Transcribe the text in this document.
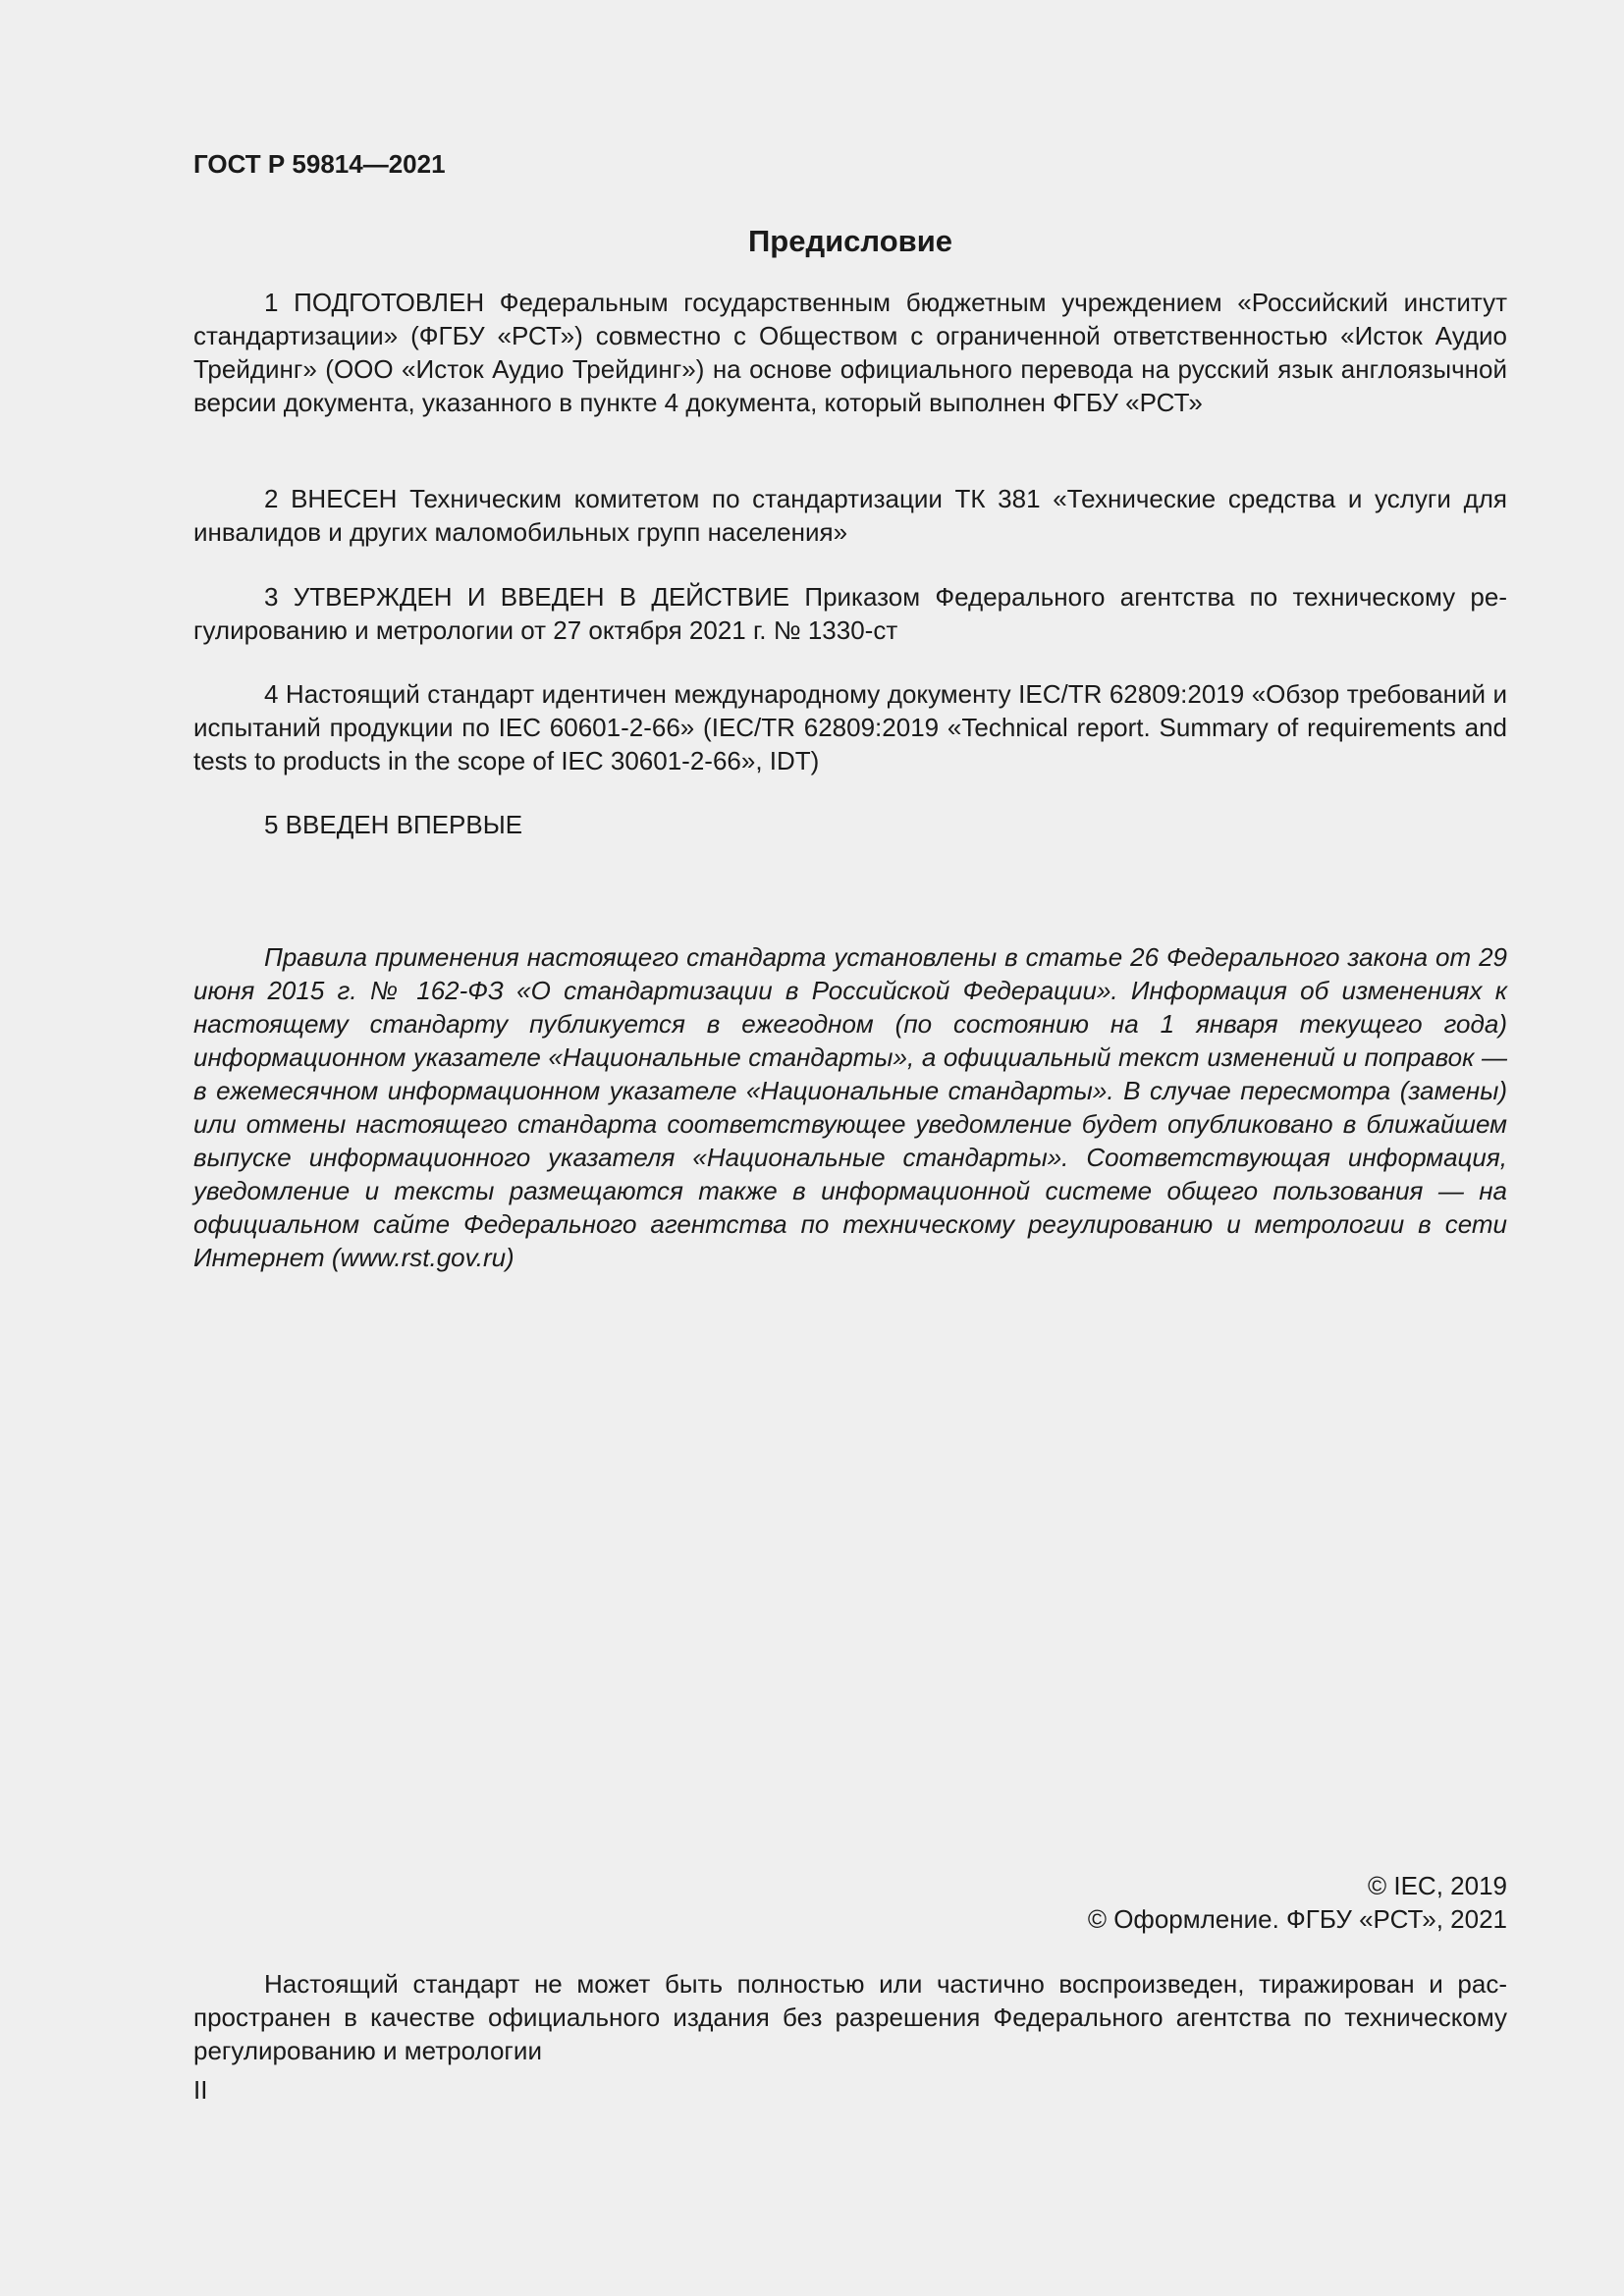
ГОСТ Р 59814—2021

Предисловие

1 ПОДГОТОВЛЕН Федеральным государственным бюджетным учреждением «Российский институт стандартизации» (ФГБУ «РСТ») совместно с Обществом с ограниченной ответственностью «Исток Аудио Трейдинг» (ООО «Исток Аудио Трейдинг») на основе официального перевода на русский язык англоязычной версии документа, указанного в пункте 4 документа, который выполнен ФГБУ «РСТ»

2 ВНЕСЕН Техническим комитетом по стандартизации ТК 381 «Технические средства и услуги для инвалидов и других маломобильных групп населения»

3 УТВЕРЖДЕН И ВВЕДЕН В ДЕЙСТВИЕ Приказом Федерального агентства по техническому регулированию и метрологии от 27 октября 2021 г. № 1330-ст

4 Настоящий стандарт идентичен международному документу IEC/TR 62809:2019 «Обзор требований и испытаний продукции по IEC 60601-2-66» (IEC/TR 62809:2019 «Technical report. Summary of requirements and tests to products in the scope of IEC 30601-2-66», IDT)

5 ВВЕДЕН ВПЕРВЫЕ

Правила применения настоящего стандарта установлены в статье 26 Федерального закона от 29 июня 2015 г. № 162-ФЗ «О стандартизации в Российской Федерации». Информация об изменениях к настоящему стандарту публикуется в ежегодном (по состоянию на 1 января текущего года) информационном указателе «Национальные стандарты», а официальный текст изменений и поправок — в ежемесячном информационном указателе «Национальные стандарты». В случае пересмотра (замены) или отмены настоящего стандарта соответствующее уведомление будет опубликовано в ближайшем выпуске информационного указателя «Национальные стандарты». Соответствующая информация, уведомление и тексты размещаются также в информационной системе общего пользования — на официальном сайте Федерального агентства по техническому регулированию и метрологии в сети Интернет (www.rst.gov.ru)

© IEC, 2019
© Оформление. ФГБУ «РСТ», 2021

Настоящий стандарт не может быть полностью или частично воспроизведен, тиражирован и распространен в качестве официального издания без разрешения Федерального агентства по техническому регулированию и метрологии

II
